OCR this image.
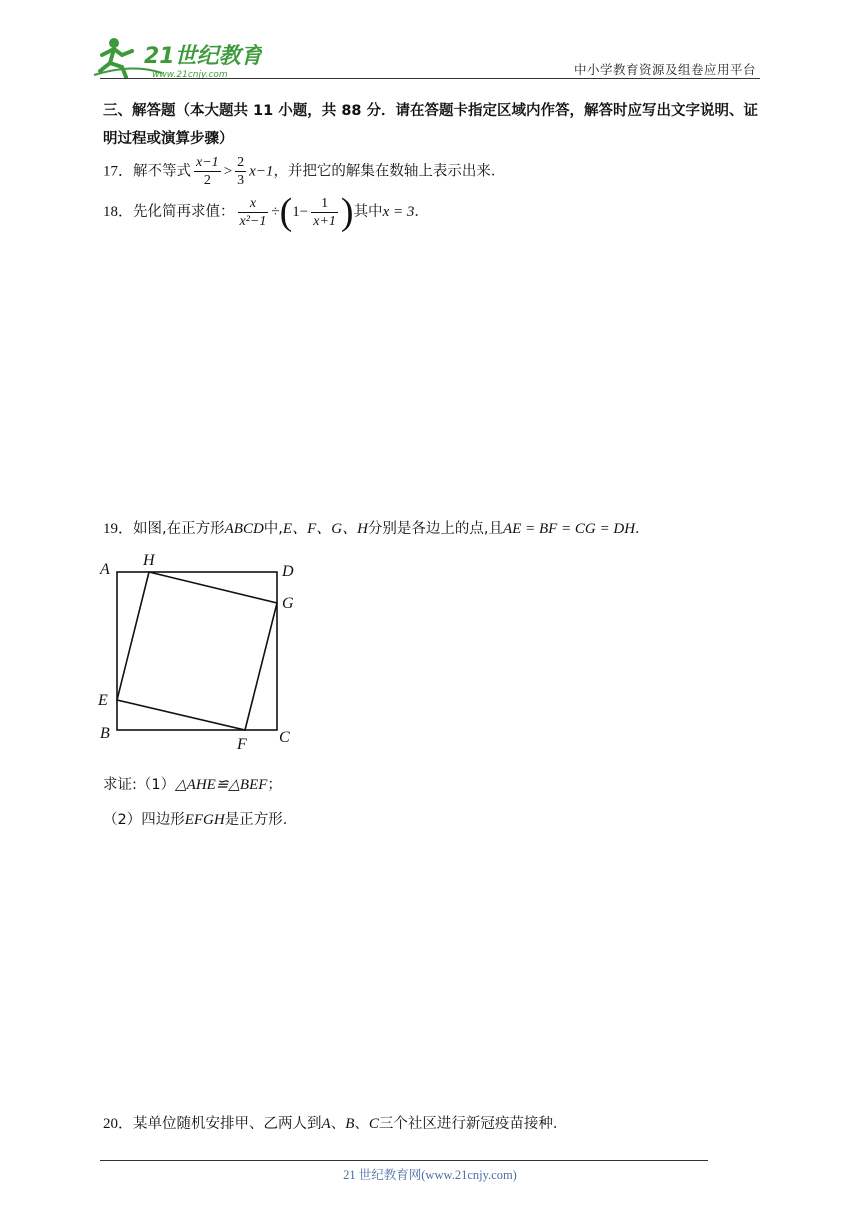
21世纪教育
www.21cnjy.com	中小学教育资源及组卷应用平台
三、解答题（本大题共 11 小题，共 88 分．请在答题卡指定区域内作答，解答时应写出文字说明、证明过程或演算步骤）
17．解不等式 $\frac{x-1}{2} > \frac{2}{3} x-1$，并把它的解集在数轴上表示出来．
18．先化简再求值： $\frac{x}{\text{x²−1}} \div(1- \frac{1}{x+1}$ )其中x = 3．
19．如图,在正方形ABCD中,E、F、G、H分别是各边上的点,且AE = BF = CG = DH．
A
H
D
G
E
B
F C
求证:（1）△AHE≌△BEF；
（2）四边形EFGH是正方形．
20．某单位随机安排甲、乙两人到A、B、C三个社区进行新冠疫苗接种．
21 世纪教育网(www.21cnjy.com)
